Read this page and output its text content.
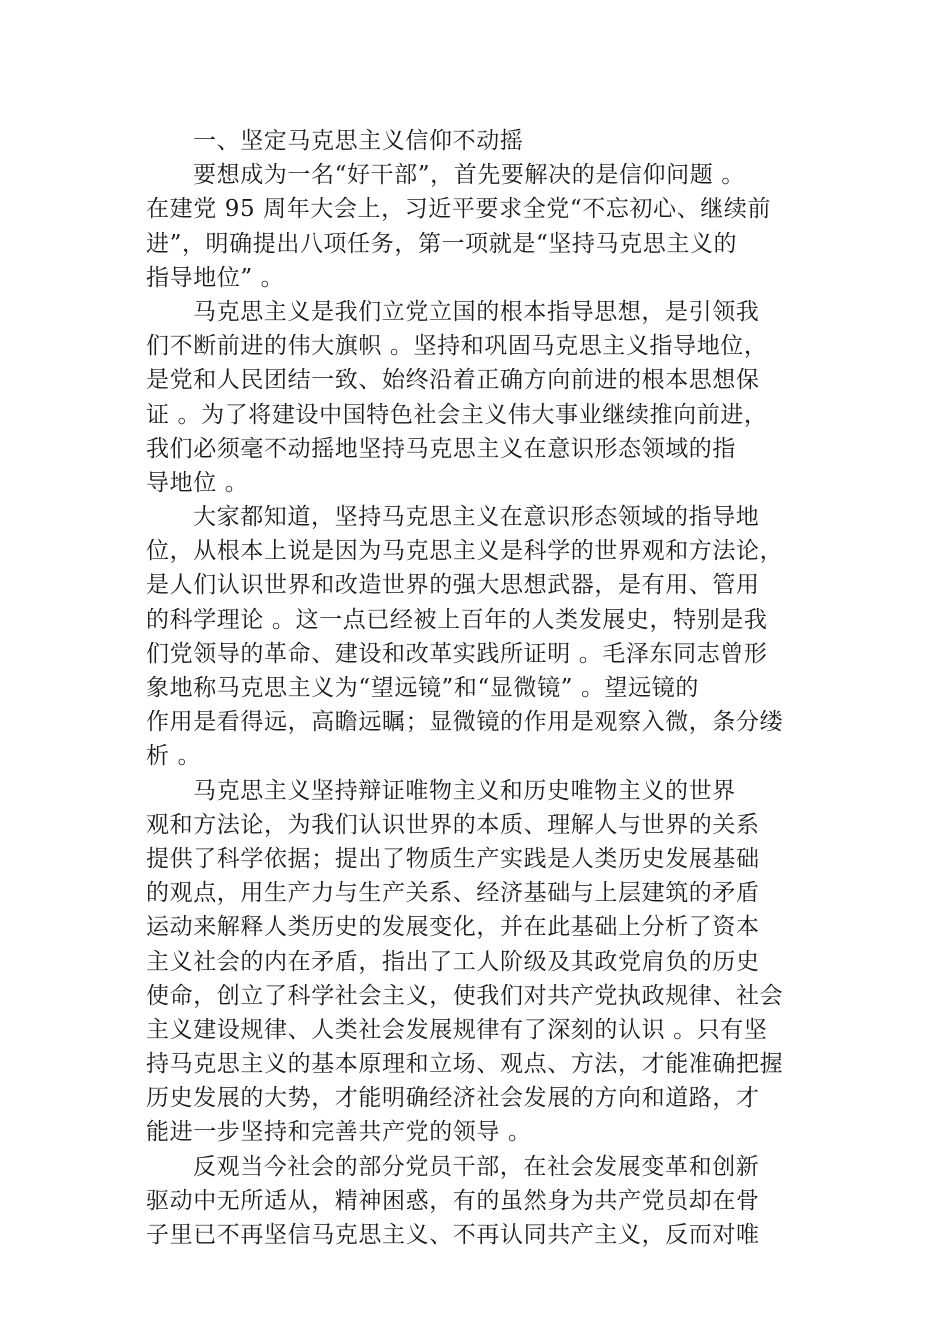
一、坚定马克思主义信仰不动摇
要想成为一名“好干部”，首先要解决的是信仰问题 。
在建党 95 周年大会上，习近平要求全党“不忘初心、继续前
进”，明确提出八项任务，第一项就是“坚持马克思主义的
指导地位” 。
马克思主义是我们立党立国的根本指导思想，是引领我
们不断前进的伟大旗帜 。坚持和巩固马克思主义指导地位，
是党和人民团结一致、始终沿着正确方向前进的根本思想保
证 。为了将建设中国特色社会主义伟大事业继续推向前进，
我们必须毫不动摇地坚持马克思主义在意识形态领域的指
导地位 。
大家都知道，坚持马克思主义在意识形态领域的指导地
位，从根本上说是因为马克思主义是科学的世界观和方法论，
是人们认识世界和改造世界的强大思想武器，是有用、管用
的科学理论 。这一点已经被上百年的人类发展史，特别是我
们党领导的革命、建设和改革实践所证明 。毛泽东同志曾形
象地称马克思主义为“望远镜”和“显微镜” 。望远镜的
作用是看得远，高瞻远瞩；显微镜的作用是观察入微，条分缕
析 。
马克思主义坚持辩证唯物主义和历史唯物主义的世界
观和方法论，为我们认识世界的本质、理解人与世界的关系
提供了科学依据；提出了物质生产实践是人类历史发展基础
的观点，用生产力与生产关系、经济基础与上层建筑的矛盾
运动来解释人类历史的发展变化，并在此基础上分析了资本
主义社会的内在矛盾，指出了工人阶级及其政党肩负的历史
使命，创立了科学社会主义，使我们对共产党执政规律、社会
主义建设规律、人类社会发展规律有了深刻的认识 。只有坚
持马克思主义的基本原理和立场、观点、方法，才能准确把握
历史发展的大势，才能明确经济社会发展的方向和道路，才
能进一步坚持和完善共产党的领导 。
反观当今社会的部分党员干部，在社会发展变革和创新
驱动中无所适从，精神困惑，有的虽然身为共产党员却在骨
子里已不再坚信马克思主义、不再认同共产主义，反而对唯
